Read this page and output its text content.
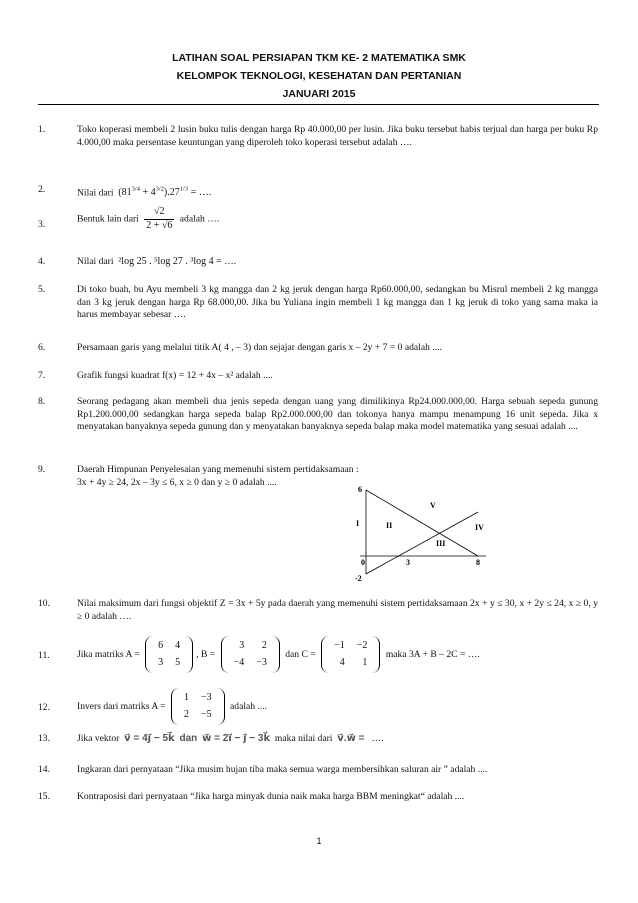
LATIHAN SOAL PERSIAPAN TKM KE- 2 MATEMATIKA SMK
KELOMPOK TEKNOLOGI, KESEHATAN DAN PERTANIAN
JANUARI 2015
1.	Toko koperasi membeli 2 lusin buku tulis dengan harga Rp 40.000,00 per lusin. Jika buku tersebut habis terjual dan harga per buku Rp 4.000,00 maka persentase keuntungan yang diperoleh toko koperasi tersebut adalah ….
2.	Nilai dari $(81^{3/4} + 4^{3/2}).27^{1/3}$ = ….
3.
Bentuk lain dari $\frac{√2}{2 + √6}$ adalah ….
4.	Nilai dari ²log 25 . ⁵log 27 . ³log 4 = ….
5.	Di toko buah, bu Ayu membeli 3 kg mangga dan 2 kg jeruk dengan harga Rp60.000,00, sedangkan bu Misrul membeli 2 kg mangga dan 3 kg jeruk dengan harga Rp 68.000,00. Jika bu Yuliana ingin membeli 1 kg mangga dan 1 kg jeruk di toko yang sama maka ia harus membayar sebesar ….
6.	Persamaan garis yang melalui titik A( 4 , – 3) dan sejajar dengan garis x – 2y + 7 = 0 adalah ....
7.	Grafik fungsi kuadrat f(x) = 12 + 4x – x² adalah ....
8.	Seorang pedagang akan membeli dua jenis sepeda dengan uang yang dimilikinya Rp24.000.000,00. Harga sebuah sepeda gunung Rp1.200.000,00 sedangkan harga sepeda balap Rp2.000.000,00 dan tokonya hanya mampu menampung 16 unit sepeda. Jika x menyatakan banyaknya sepeda gunung dan y menyatakan banyaknya sepeda balap maka model matematika yang sesuai adalah ....
9.	Daerah Himpunan Penyelesaian yang memenuhi sistem pertidaksamaan :
3x + 4y ≥ 24, 2x – 3y ≤ 6, x ≥ 0 dan y ≥ 0 adalah ....
6
-2
0	3	8
I	II
III
IV
V
10.	Nilai maksimum dari fungsi objektif Z = 3x + 5y pada daerah yang memenuhi sistem pertidaksamaan 2x + y ≤ 30, x + 2y ≤ 24, x ≥ 0, y ≥ 0 adalah ….
11.	Jika matriks A =
6	4
3	5
, B =
3	2
−4	−3
dan C =
−1	−2
4	1
maka 3A + B – 2C = ….
12.	Invers dari matriks A =
1	−3
2	−5
adalah ....
13.	Jika vektor v⃗ = 4j⃗ − 5k⃗ dan w⃗ = 2i⃗ − j⃗ − 3k⃗ maka nilai dari v⃗.w⃗ = ….
14.	Ingkaran dari pernyataan “Jika musim hujan tiba maka semua warga membersihkan saluran air ” adalah ....
15.	Kontraposisi dari pernyataan “Jika harga minyak dunia naik maka harga BBM meningkat“ adalah ....
1
